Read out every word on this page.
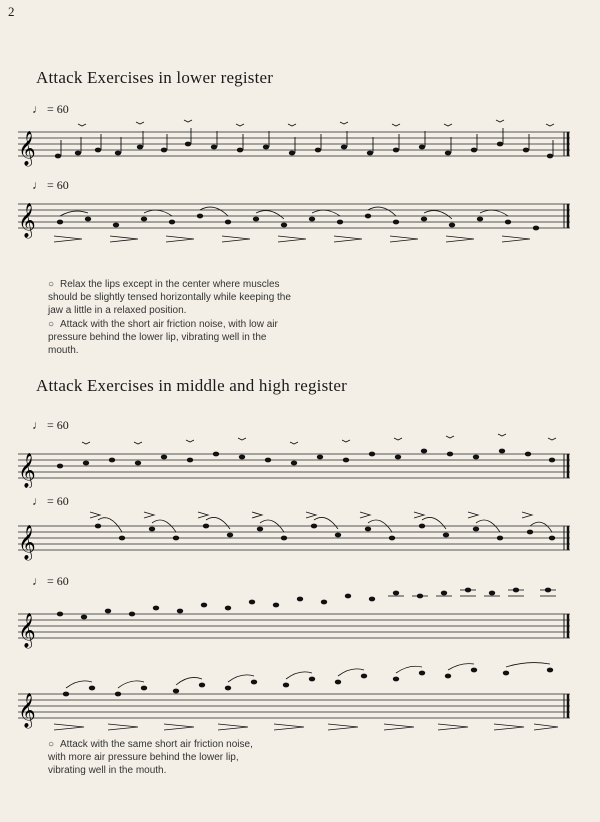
2
Attack Exercises in lower register
♩ = 60
𝄞
♩ = 60
𝄞

○ Relax the lips except in the center where muscles should be slightly tensed horizontally while keeping the jaw a little in a relaxed position.

○ Attack with the short air friction noise, with low air pressure behind the lower lip, vibrating well in the mouth.

Attack Exercises in middle and high register
♩ = 60
𝄞
♩ = 60
𝄞
♩ = 60
𝄞
𝄞

○ Attack with the same short air friction noise, with more air pressure behind the lower lip, vibrating well in the mouth.
